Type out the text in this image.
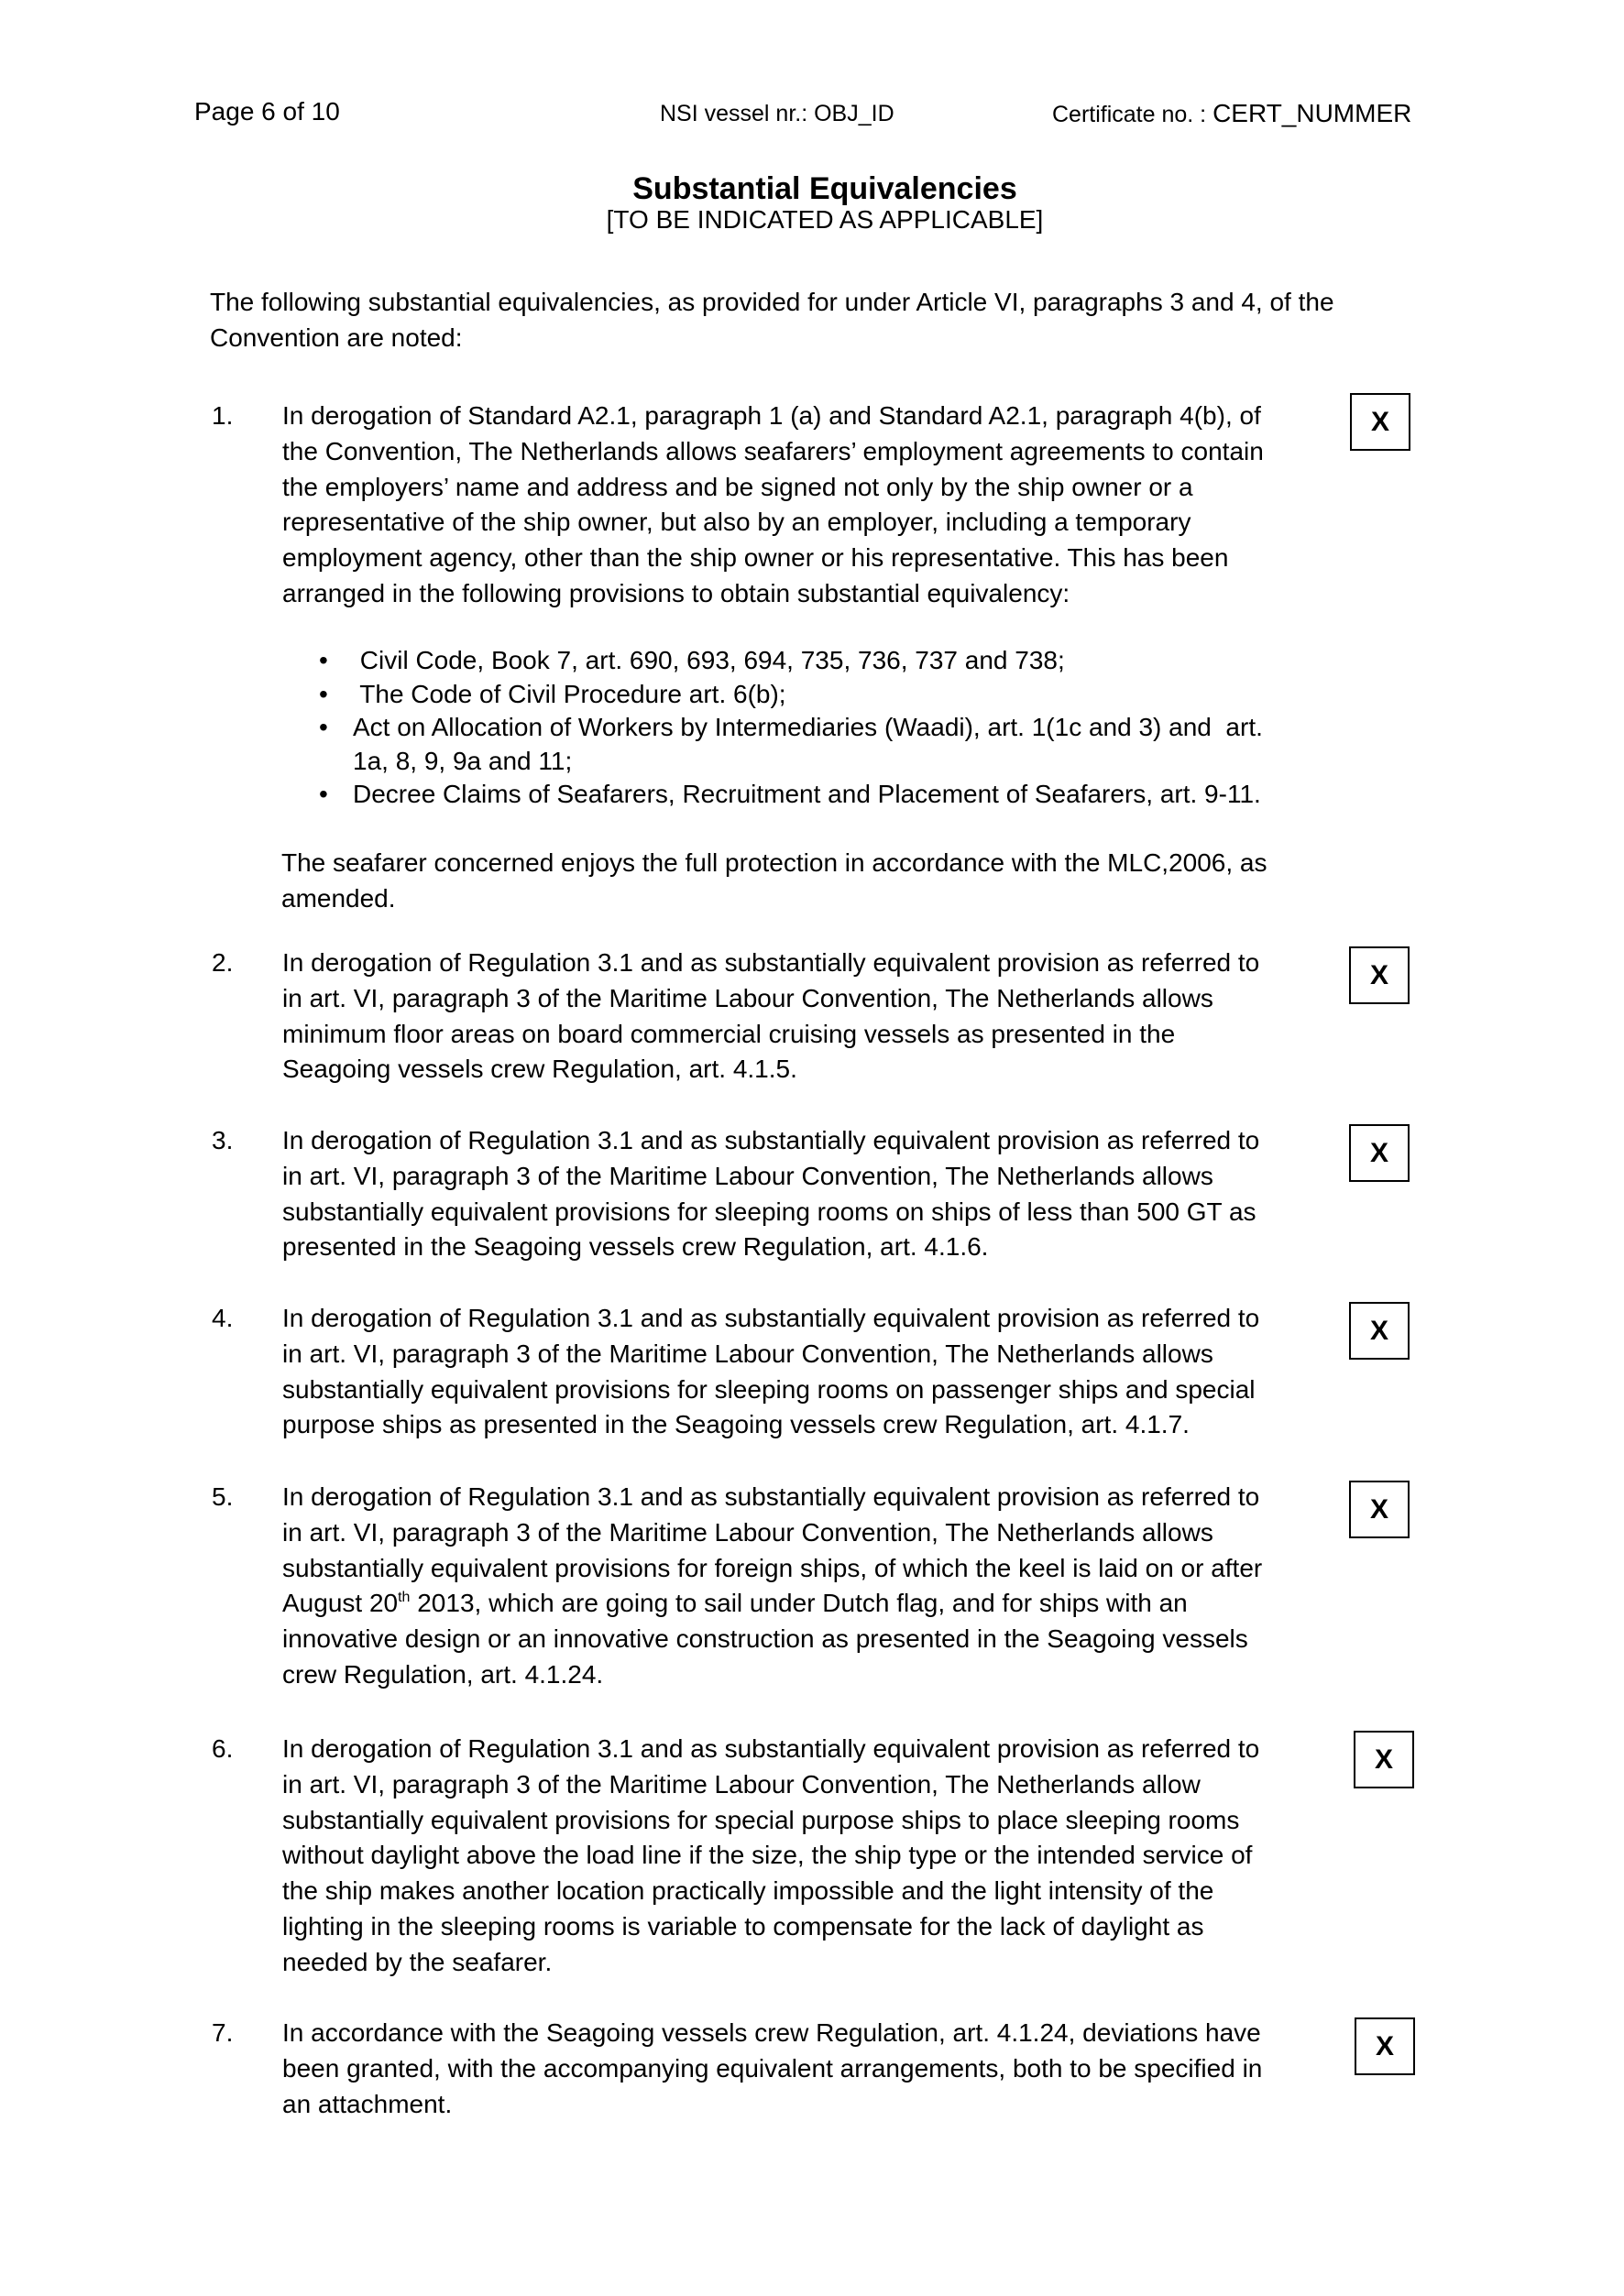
Page 6 of 10	NSI vessel nr.: OBJ_ID	Certificate no. : CERT_NUMMER
Substantial Equivalencies
[TO BE INDICATED AS APPLICABLE]
The following substantial equivalencies, as provided for under Article VI, paragraphs 3 and 4, of the
Convention are noted:
1. In derogation of Standard A2.1, paragraph 1 (a) and Standard A2.1, paragraph 4(b), of
the Convention, The Netherlands allows seafarers’ employment agreements to contain
the employers’ name and address and be signed not only by the ship owner or a
representative of the ship owner, but also by an employer, including a temporary
employment agency, other than the ship owner or his representative. This has been
arranged in the following provisions to obtain substantial equivalency:
X
• Civil Code, Book 7, art. 690, 693, 694, 735, 736, 737 and 738;
• The Code of Civil Procedure art. 6(b);
• Act on Allocation of Workers by Intermediaries (Waadi), art. 1(1c and 3) and  art.
1a, 8, 9, 9a and 11;
• Decree Claims of Seafarers, Recruitment and Placement of Seafarers, art. 9-11.
The seafarer concerned enjoys the full protection in accordance with the MLC,2006, as
amended.
2. In derogation of Regulation 3.1 and as substantially equivalent provision as referred to
in art. VI, paragraph 3 of the Maritime Labour Convention, The Netherlands allows
minimum floor areas on board commercial cruising vessels as presented in the
Seagoing vessels crew Regulation, art. 4.1.5.
X
3. In derogation of Regulation 3.1 and as substantially equivalent provision as referred to
in art. VI, paragraph 3 of the Maritime Labour Convention, The Netherlands allows
substantially equivalent provisions for sleeping rooms on ships of less than 500 GT as
presented in the Seagoing vessels crew Regulation, art. 4.1.6.
X
4. In derogation of Regulation 3.1 and as substantially equivalent provision as referred to
in art. VI, paragraph 3 of the Maritime Labour Convention, The Netherlands allows
substantially equivalent provisions for sleeping rooms on passenger ships and special
purpose ships as presented in the Seagoing vessels crew Regulation, art. 4.1.7.
X
5. In derogation of Regulation 3.1 and as substantially equivalent provision as referred to
in art. VI, paragraph 3 of the Maritime Labour Convention, The Netherlands allows
substantially equivalent provisions for foreign ships, of which the keel is laid on or after
August 20th 2013, which are going to sail under Dutch flag, and for ships with an
innovative design or an innovative construction as presented in the Seagoing vessels
crew Regulation, art. 4.1.24.
X
6. In derogation of Regulation 3.1 and as substantially equivalent provision as referred to
in art. VI, paragraph 3 of the Maritime Labour Convention, The Netherlands allow
substantially equivalent provisions for special purpose ships to place sleeping rooms
without daylight above the load line if the size, the ship type or the intended service of
the ship makes another location practically impossible and the light intensity of the
lighting in the sleeping rooms is variable to compensate for the lack of daylight as
needed by the seafarer.
X
7. In accordance with the Seagoing vessels crew Regulation, art. 4.1.24, deviations have
been granted, with the accompanying equivalent arrangements, both to be specified in
an attachment.
X
